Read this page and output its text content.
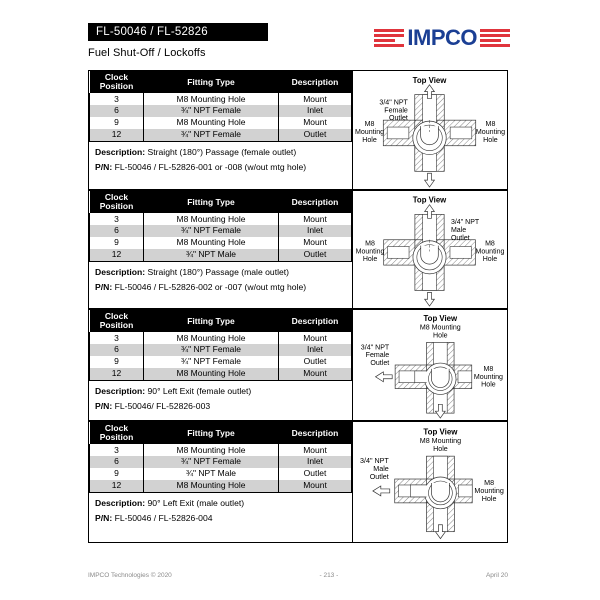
FL-50046 / FL-52826
Fuel Shut-Off / Lockoffs
IMPCO
Clock
Position	Fitting Type	Description
3	M8 Mounting Hole	Mount
6	¾" NPT Female	Inlet
9	M8 Mounting Hole	Mount
12	¾" NPT Female	Outlet
Description: Straight (180°) Passage (female outlet)
P/N: FL-50046 / FL-52826-001 or -008 (w/out mtg hole)
Top View
3/4" NPT
Female
Outlet
M8
Mounting
Hole
M8
Mounting
Hole
Clock
Position	Fitting Type	Description
3	M8 Mounting Hole	Mount
6	¾" NPT Female	Inlet
9	M8 Mounting Hole	Mount
12	¾" NPT Male	Outlet
Description: Straight (180°) Passage (male outlet)
P/N: FL-50046 / FL-52826-002 or -007 (w/out mtg hole)
Top View
3/4" NPT
Male
Outlet
M8
Mounting
Hole
M8
Mounting
Hole
Clock
Position	Fitting Type	Description
3	M8 Mounting Hole	Mount
6	¾" NPT Female	Inlet
9	¾" NPT Female	Outlet
12	M8 Mounting Hole	Mount
Description: 90° Left Exit (female outlet)
P/N: FL-50046/ FL-52826-003
Top View
M8 Mounting
Hole
3/4" NPT
Female
Outlet
M8
Mounting
Hole
Clock
Position	Fitting Type	Description
3	M8 Mounting Hole	Mount
6	¾" NPT Female	Inlet
9	¾" NPT Male	Outlet
12	M8 Mounting Hole	Mount
Description: 90° Left Exit (male outlet)
P/N: FL-50046 / FL-52826-004
Top View
M8 Mounting
Hole
3/4" NPT
Male
Outlet
M8
Mounting
Hole
IMPCO Technologies © 2020	- 213 -	April 20
